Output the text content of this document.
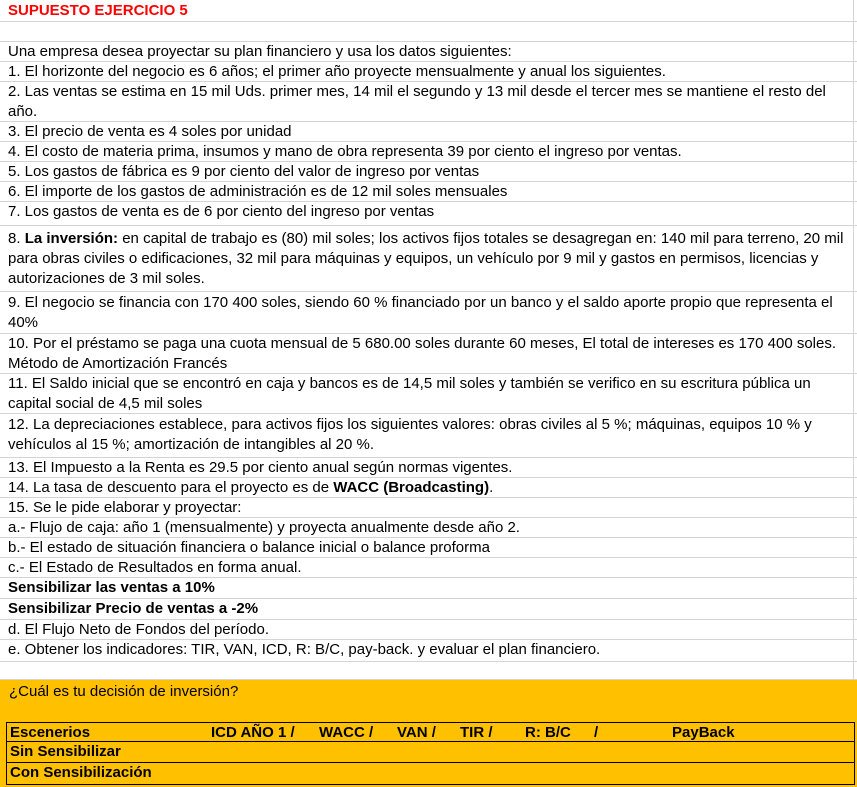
SUPUESTO EJERCICIO 5
Una empresa desea proyectar su plan financiero y usa los datos siguientes:
1. El horizonte del negocio es 6 años; el primer año proyecte mensualmente y anual los siguientes.
2. Las ventas se estima en 15 mil Uds. primer mes, 14 mil el segundo y 13 mil desde el tercer mes se mantiene el resto del año.
3. El precio de venta es 4 soles por unidad
4. El costo de materia prima, insumos y mano de obra representa 39 por ciento el ingreso por ventas.
5. Los gastos de fábrica es 9 por ciento del valor de ingreso por ventas
6. El importe de los gastos de administración es de 12 mil soles mensuales
7. Los gastos de venta es de 6 por ciento del ingreso por ventas
8. La inversión: en capital de trabajo es (80) mil soles; los activos fijos totales se desagregan en: 140 mil para terreno, 20 mil para obras civiles o edificaciones, 32 mil para máquinas y equipos, un vehículo por 9 mil y gastos en permisos, licencias y autorizaciones de 3 mil soles.
9. El negocio se financia con 170 400 soles, siendo 60 % financiado por un banco y el saldo aporte propio que representa el 40%
10. Por el préstamo se paga una cuota mensual de 5 680.00 soles durante 60 meses, El total de intereses es 170 400 soles. Método de Amortización Francés
11. El Saldo inicial que se encontró en caja y bancos es de 14,5 mil soles y también se verifico en su escritura pública un capital social de 4,5 mil soles
12. La depreciaciones establece, para activos fijos los siguientes valores: obras civiles al 5 %; máquinas, equipos 10 % y vehículos al 15 %; amortización de intangibles al 20 %.
13. El Impuesto a la Renta es 29.5 por ciento anual según normas vigentes.
14. La tasa de descuento para el proyecto es de WACC (Broadcasting).
15. Se le pide elaborar y proyectar:
a.- Flujo de caja: año 1 (mensualmente) y proyecta anualmente desde año 2.
b.- El estado de situación financiera o balance inicial o balance proforma
c.- El Estado de Resultados en forma anual.
Sensibilizar las ventas a 10%
Sensibilizar Precio de ventas a -2%
d. El Flujo Neto de Fondos del período.
e. Obtener los indicadores: TIR, VAN, ICD, R: B/C, pay-back. y evaluar el plan financiero.
¿Cuál es tu decisión de inversión?
Escenerios	ICD AÑO 1 / WACC / VAN / TIR / R: B/C /	PayBack
Sin Sensibilizar
Con Sensibilización
